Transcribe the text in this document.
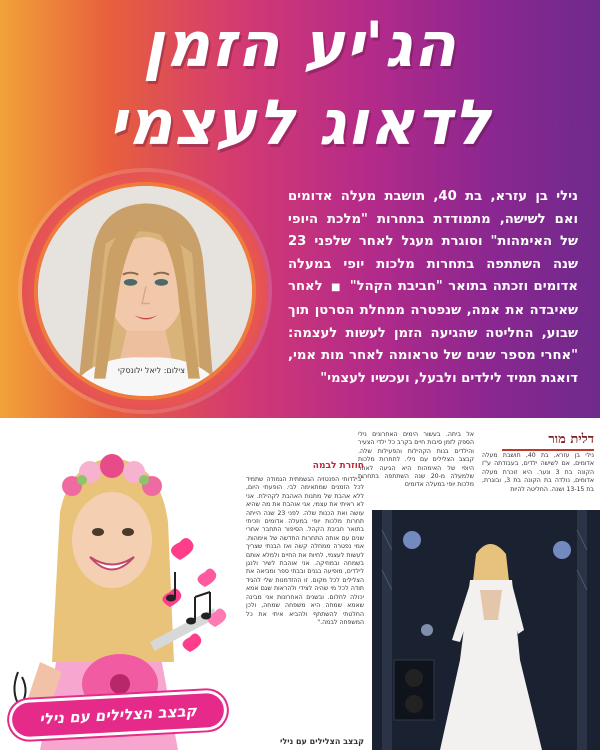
הג'יע הזמן
לדאוג לעצמי
צילום: ליאל ילונסקי
נילי בן עזרא, בת 40, תושבת מעלה אדומים ואם לשישה, מתמודדת בתחרות "מלכת היופי של האימהות" וסוגרת מעגל לאחר שלפני 23 שנה השתתפה בתחרות מלכות יופי במעלה אדומים וזכתה בתואר "חביבת הקהל" ■ לאחר שאיבדה את אמה, שנפטרה ממחלת הסרטן תוך שבוע, החליטה שהגיעה הזמן לעשות לעצמה: "אחרי מספר שנים של טראומה לאחר מות אמי, דואגת תמיד לילדים ולבעל, ועכשיו לעצמי"
דלית מור
נילי בן עזרא, בת 40, תושבת מעלה אדומים, אם לשישה ילדים, בעבודתה ע"ז הקונה בת 3 ונער. היא זוכרת מעלה אדומים, נולדה בת הקונה בת 3, ובוגרת, בת 13-15 ושנה. החליטה להיות
אל ביתה. בעשור הימים האחרונים נילי הספק לזמן סיבות חיים בקרב כל ילדי הצעיר והילדים בנות הקהילות והפעילות שלה. קבצב הצלילים עם נילי. לתחרות מלכות היופי של האימהות היא הגיעה לאחר שלמעלה מ-20 שנה השתתפה בתחרות מלכות יופי במעלה אדומים
חוזרת לבמה
"בילדותי הפנטזיה הגשמתית הגמודה שתמיד לכל הזמנים שמתאימה לבי. הופעתי היום, ללא אהבת של מתנות האהבת לקהילת. אני לא ראיתי את עצמי, אני אוהבת את מה שהיא עושה ואת הכנות שלה. לפני 23 שנה הייתה תחרות מלכות יופי במעלה אדומים וזכיתי בתואר חביבת הקהל. הסיפור התחבר אחרי שנים עם אותה התחרות החדשה של אימהות. אמי נפטרה ממחלה קשה ואז הבנתי שצריך לעשות לעצמי, לחיות את החיים ולמלא אותם בשמחה ובמוזיקה. אני אוהבת לשיר ולנגן לילדים, מופיעה בגנים ובבתי ספר ומביאה את הצלילים לכל מקום. זו ההזדמנות שלי להגיד תודה לכל מי שהיה לצידי ולהראות שגם אמא יכולה לחלום. ובשנים האחרונות אני מבינה שאמא שמחה היא משפחה שמחה, ולכן החלטתי להשתתף ולהביא איתי את כל המשפחה לבמה."
קבצב הצלילים עם נילי
קבצב הצלילים עם נילי
